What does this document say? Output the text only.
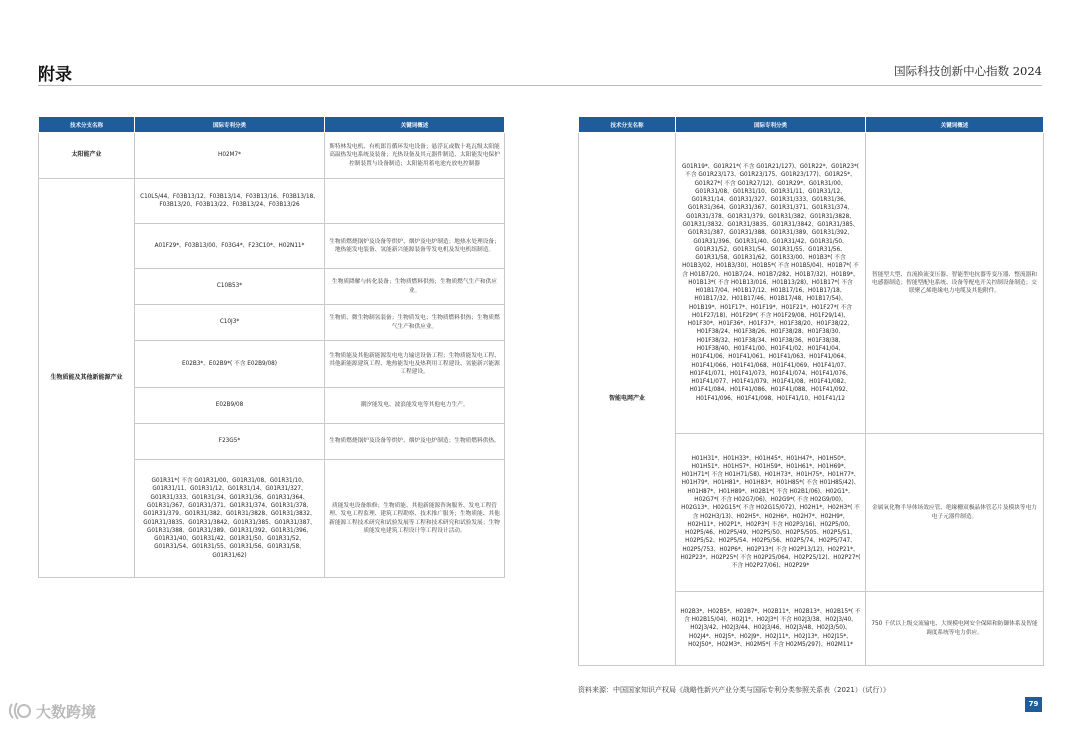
附录	国际科技创新中心指数 2024
技术分支名称	国际专利分类	关键词概述
太阳能产业	H02M7*	斯特林发电机、有机郎肯循环发电设备；悬浮瓦或数十兆瓦级太阳能高温热发电系统及装备；光热设备及其元器件制造、太阳能发电保护控制装置与设备制造；太阳能用蓄电池充放电控制器
生物质能及其他新能源产业	C10L5/44、F03B13/12、F03B13/14、F03B13/16、F03B13/18、F03B13/20、F03B13/22、F03B13/24、F03B13/26	
	A01F29*、F03B13/00、F03G4*、F23C10*、H02N11*	生物质燃烧锅炉及设备等烘炉、烟炉及电炉制造；地热水处理设备；地热能发电装备、氢能新兴能源装备等发电机及发电机组制造。
	C10B53*	生物质降解与转化装备；生物质燃料供热；生物质燃气生产和供应业。
	C10J3*	生物质、微生物制氢装备；生物质发电；生物质燃料供热；生物质燃气生产和供应业。
	E02B3*、E02B9*( 不含 E02B9/08)	生物质能及其他新能源发电电力输送设备工程；生物质能发电工程、其他新能源建筑工程、地热能发电及热利用工程建设、氢能新兴能源工程建设。
	E02B9/08	潮汐能发电、波浪能发电等其他电力生产。
	F23G5*	生物质燃烧锅炉及设备等烘炉、烟炉及电炉制造；生物质燃料供热。
	G01R31*( 不含 G01R31/00、G01R31/08、G01R31/10、G01R31/11、G01R31/12、G01R31/14、G01R31/327、G01R31/333、G01R31/34、G01R31/36、G01R31/364、G01R31/367、G01R31/371、G01R31/374、G01R31/378、G01R31/379、G01R31/382、G01R31/3828、G01R31/3832、G01R31/3835、G01R31/3842、G01R31/385、G01R31/387、G01R31/388、G01R31/389、G01R31/392、G01R31/396、G01R31/40、G01R31/42、G01R31/50、G01R31/52、G01R31/54、G01R31/55、G01R31/56、G01R31/58、G01R31/62)	质能发电设备维修；生物质能、其他新能源咨询服务、发电工程管理、发电工程监理、建筑工程勘察、技术推广服务；生物质能、其他新能源工程技术研究和试验发展等工程和技术研究和试验发展；生物质能发电建筑工程设计等工程设计活动。
技术分支名称	国际专利分类	关键词概述
智能电网产业	G01R19*、G01R21*( 不含 G01R21/127)、G01R22*、G01R23*( 不含 G01R23/173、G01R23/175、G01R23/177)、G01R25*、G01R27*( 不含 G01R27/12)、G01R29*、G01R31/00、G01R31/08、G01R31/10、G01R31/11、G01R31/12、G01R31/14、G01R31/327、G01R31/333、G01R31/36、G01R31/364、G01R31/367、G01R31/371、G01R31/374、G01R31/378、G01R31/379、G01R31/382、G01R31/3828、G01R31/3832、G01R31/3835、G01R31/3842、G01R31/385、G01R31/387、G01R31/388、G01R31/389、G01R31/392、G01R31/396、G01R31/40、G01R31/42、G01R31/50、G01R31/52、G01R31/54、G01R31/55、G01R31/56、G01R31/58、G01R31/62、G01R33/00、H01B3*( 不含 H01B3/02、H01B3/30)、H01B5*( 不含 H01B5/04)、H01B7*( 不含 H01B7/20、H01B7/24、H01B7/282、H01B7/32)、H01B9*、H01B13*( 不含 H01B13/016、H01B13/28)、H01B17*( 不含 H01B17/04、H01B17/12、H01B17/16、H01B17/18、H01B17/32、H01B17/46、H01B17/48、H01B17/54)、H01B19*、H01F17*、H01F19*、H01F21*、H01F27*( 不含 H01F27/18)、H01F29*( 不含 H01F29/08、H01F29/14)、H01F30*、H01F36*、H01F37*、H01F38/20、H01F38/22、H01F38/24、H01F38/26、H01F38/28、H01F38/30、H01F38/32、H01F38/34、H01F38/36、H01F38/38、H01F38/40、H01F41/00、H01F41/02、H01F41/04、H01F41/06、H01F41/061、H01F41/063、H01F41/064、H01F41/066、H01F41/068、H01F41/069、H01F41/07、H01F41/071、H01F41/073、H01F41/074、H01F41/076、H01F41/077、H01F41/079、H01F41/08、H01F41/082、H01F41/084、H01F41/086、H01F41/088、H01F41/092、H01F41/096、H01F41/098、H01F41/10、H01F41/12	智能型大型、直流换流变压器、智能型电抗器等变压器、整流器和电感器制造；智能型配电系统、设备等配电开关控制设备制造；交联聚乙烯绝缘电力电缆及其他附件。
	H01H31*、H01H33*、H01H45*、H01H47*、H01H50*、H01H51*、H01H57*、H01H59*、H01H61*、H01H69*、H01H71*( 不含 H01H71/58)、H01H73*、H01H75*、H01H77*、H01H79*、H01H81*、H01H83*、H01H85*( 不含 H01H85/42)、H01H87*、H01H89*、H02B1*( 不含 H02B1/06)、H02G1*、H02G7*( 不含 H02G7/06)、H02G9*( 不含 H02G9/00)、H02G13*、H02G15*( 不含 H02G15/072)、H02H1*、H02H3*( 不含 H02H3/13)、H02H5*、H02H6*、H02H7*、H02H9*、H02H11*、H02P1*、H02P3*( 不含 H02P3/16)、H02P5/00、H02P5/46、H02P5/49、H02P5/50、H02P5/505、H02P5/51、H02P5/52、H02P5/54、H02P5/56、H02P5/74、H02P5/747、H02P5/753、H02P6*、H02P13*( 不含 H02P13/12)、H02P21*、H02P23*、H02P25*( 不含 H02P25/064、H02P25/12)、H02P27*( 不含 H02P27/06)、H02P29*	金属氧化物半导体场效应管、绝缘栅双极晶体管芯片及模块等电力电子元器件制造。
	H02B3*、H02B5*、H02B7*、H02B11*、H02B13*、H02B15*( 不含 H02B15/04)、H02J1*、H02J3*( 不含 H02J3/38、H02J3/40、H02J3/42、H02J3/44、H02J3/46、H02J3/48、H02J3/50)、H02J4*、H02J5*、H02J9*、H02J11*、H02J13*、H02J15*、H02J50*、H02M3*、H02M5*( 不含 H02M5/297)、H02M11*	750 千伏以上级交流输电、大规模电网安全保障和防御体系及智能调度系统等电力供应。
资料来源：中国国家知识产权局《战略性新兴产业分类与国际专利分类参照关系表（2021）（试行）》
79
大数跨境
